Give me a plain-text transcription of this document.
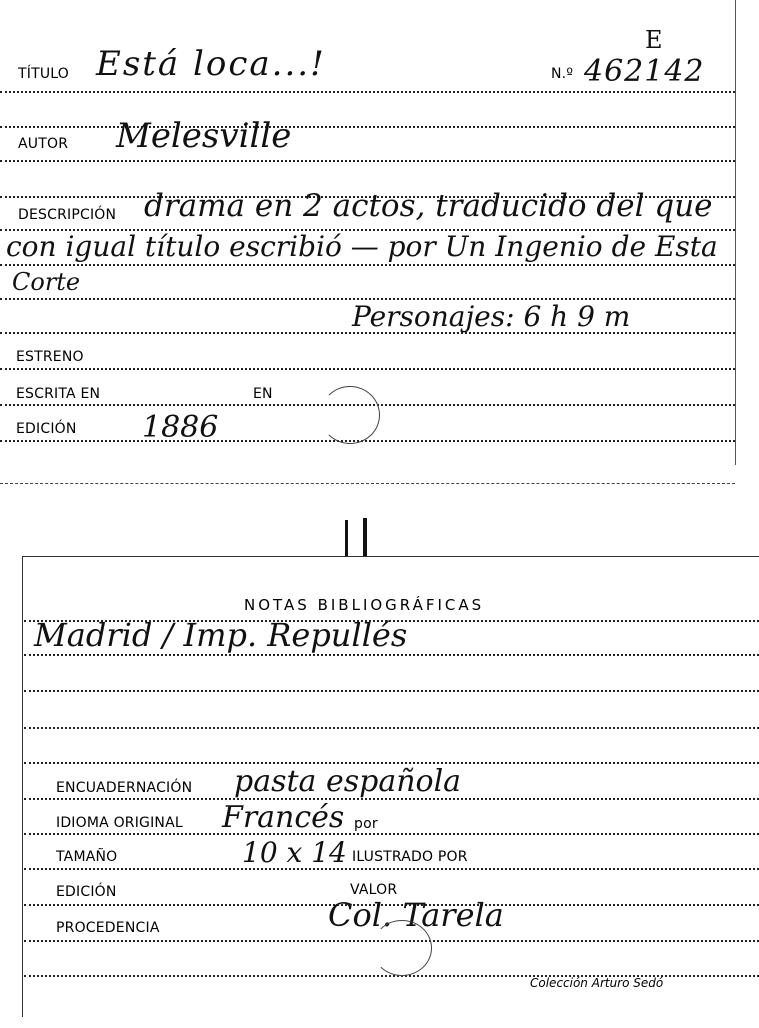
TÍTULO Está loca...!	N.º 462142
E
AUTOR Melesville
DESCRIPCIÓN drama en 2 actos, traducido del que
con igual título escribió — por Un Ingenio de Esta
Corte
Personajes: 6 h 9 m
ESTRENO
ESCRITA EN	EN
EDICIÓN 1886
NOTAS BIBLIOGRÁFICAS
Madrid / Imp. Repullés
ENCUADERNACIÓN pasta española
IDIOMA ORIGINAL Francés por
TAMAÑO	10 x 14 ILUSTRADO POR
EDICIÓN	VALOR
PROCEDENCIA	Col. Tarela
Colección Arturo Sedó
